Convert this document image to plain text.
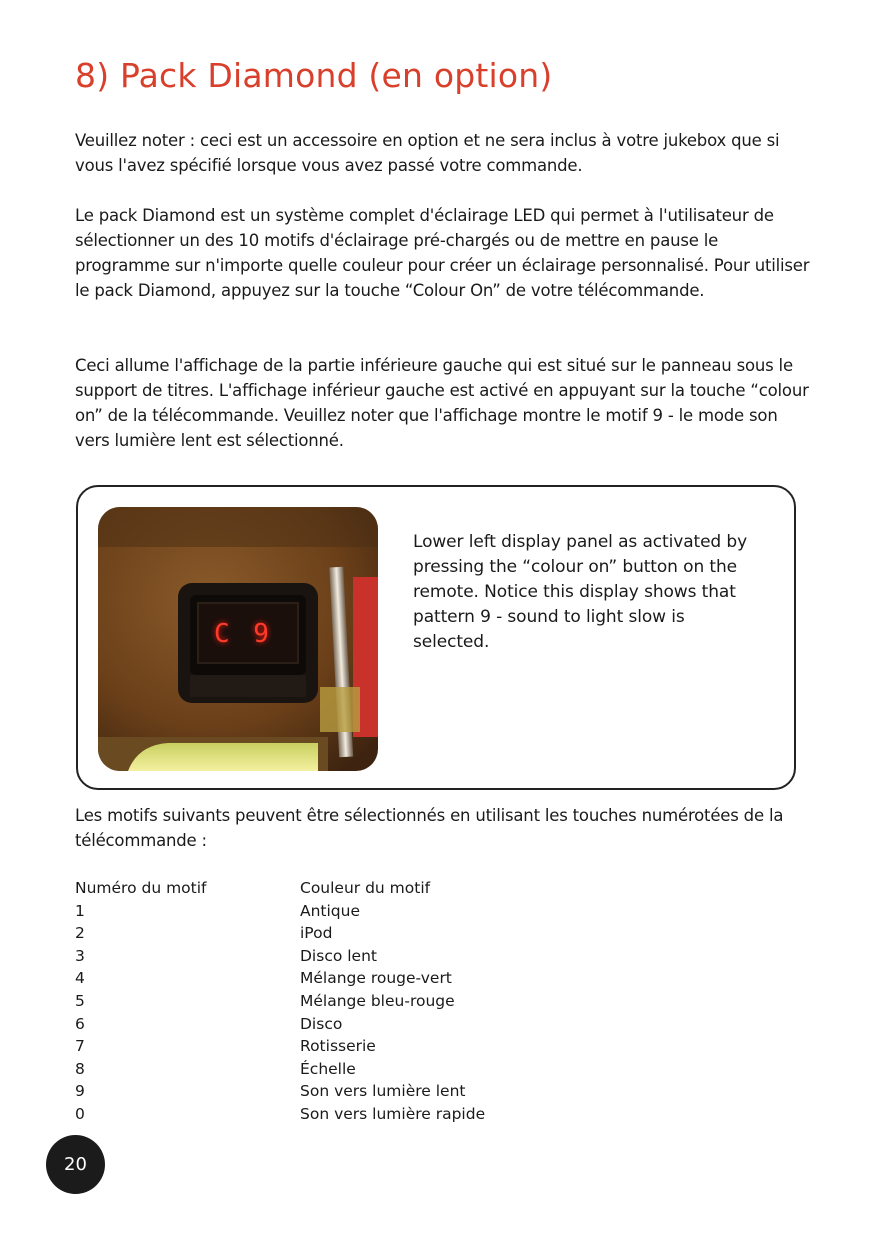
8) Pack Diamond (en option)

Veuillez noter : ceci est un accessoire en option et ne sera inclus à votre jukebox que si vous l'avez spécifié lorsque vous avez passé votre commande.

Le pack Diamond est un système complet d'éclairage LED qui permet à l'utilisateur de sélectionner un des 10 motifs d'éclairage pré-chargés ou de mettre en pause le programme sur n'importe quelle couleur pour créer un éclairage personnalisé. Pour utiliser le pack Diamond, appuyez sur la touche “Colour On” de votre télécommande.

Ceci allume l'affichage de la partie inférieure gauche qui est situé sur le panneau sous le support de titres. L'affichage inférieur gauche est activé en appuyant sur la touche “colour on” de la télécommande. Veuillez noter que l'affichage montre le motif 9 - le mode son vers lumière lent est sélectionné.

C 9

Lower left display panel as activated by pressing the “colour on” button on the remote. Notice this display shows that pattern 9 - sound to light slow is selected.

Les motifs suivants peuvent être sélectionnés en utilisant les touches numérotées de la télécommande :

Numéro du motif	Couleur du motif
1	Antique
2	iPod
3	Disco lent
4	Mélange rouge-vert
5	Mélange bleu-rouge
6	Disco
7	Rotisserie
8	Échelle
9	Son vers lumière lent
0	Son vers lumière rapide
20
